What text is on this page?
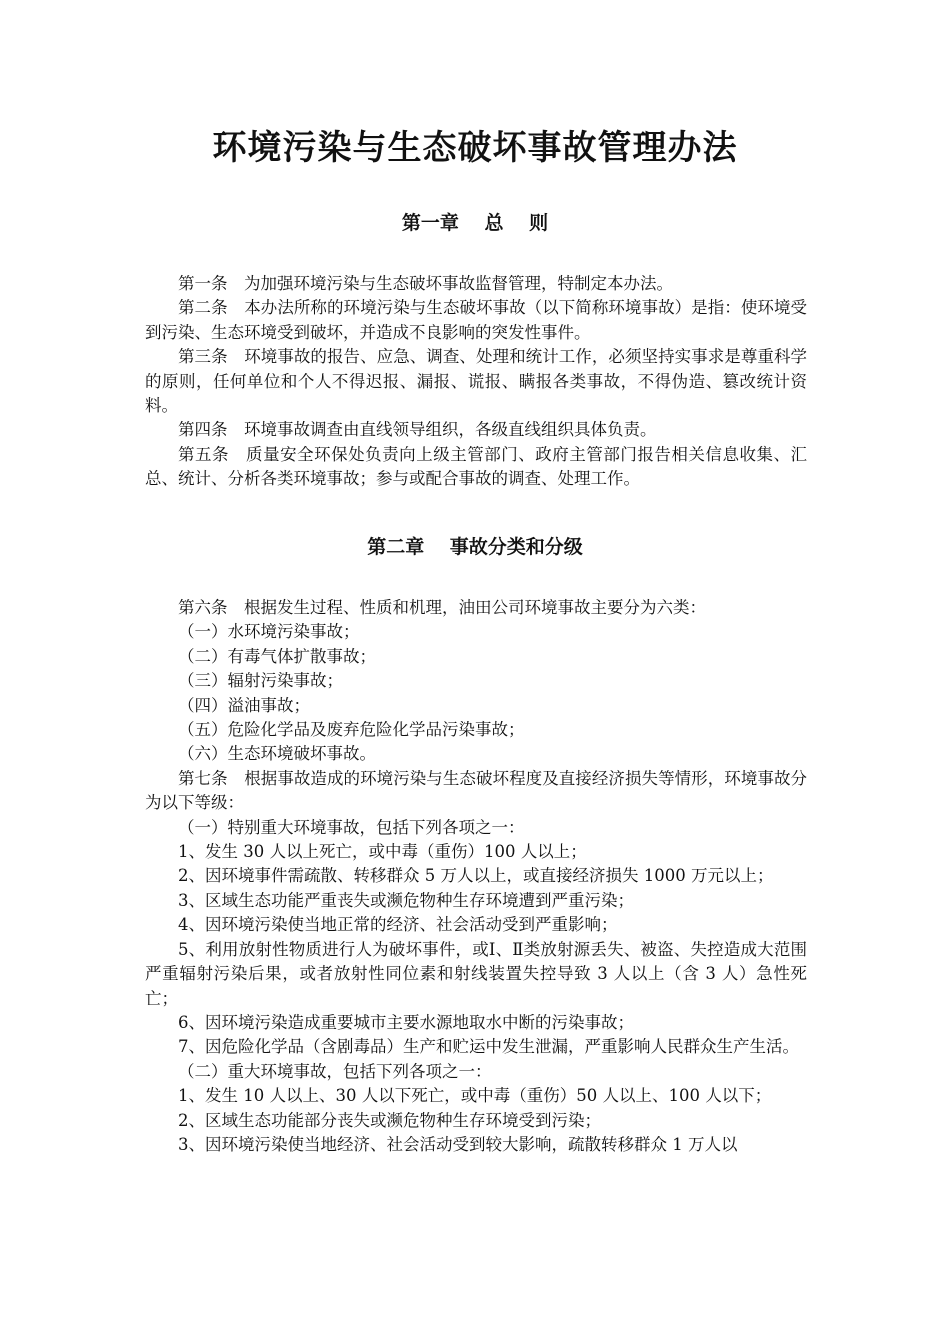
环境污染与生态破坏事故管理办法
第一章　 总　 则

第一条　为加强环境污染与生态破坏事故监督管理，特制定本办法。

第二条　本办法所称的环境污染与生态破坏事故（以下简称环境事故）是指：使环境受到污染、生态环境受到破坏，并造成不良影响的突发性事件。

第三条　环境事故的报告、应急、调查、处理和统计工作，必须坚持实事求是尊重科学的原则，任何单位和个人不得迟报、漏报、谎报、瞒报各类事故，不得伪造、篡改统计资料。

第四条　环境事故调查由直线领导组织，各级直线组织具体负责。

第五条　质量安全环保处负责向上级主管部门、政府主管部门报告相关信息收集、汇总、统计、分析各类环境事故；参与或配合事故的调查、处理工作。

第二章　 事故分类和分级

第六条　根据发生过程、性质和机理，油田公司环境事故主要分为六类：

（一）水环境污染事故；

（二）有毒气体扩散事故；

（三）辐射污染事故；

（四）溢油事故；

（五）危险化学品及废弃危险化学品污染事故；

（六）生态环境破坏事故。

第七条　根据事故造成的环境污染与生态破坏程度及直接经济损失等情形，环境事故分为以下等级：

（一）特别重大环境事故，包括下列各项之一：

1、发生 30 人以上死亡，或中毒（重伤）100 人以上；

2、因环境事件需疏散、转移群众 5 万人以上，或直接经济损失 1000 万元以上；

3、区域生态功能严重丧失或濒危物种生存环境遭到严重污染；

4、因环境污染使当地正常的经济、社会活动受到严重影响；

5、利用放射性物质进行人为破坏事件，或Ⅰ、Ⅱ类放射源丢失、被盗、失控造成大范围严重辐射污染后果，或者放射性同位素和射线装置失控导致 3 人以上（含 3 人）急性死亡；

6、因环境污染造成重要城市主要水源地取水中断的污染事故；

7、因危险化学品（含剧毒品）生产和贮运中发生泄漏，严重影响人民群众生产生活。

（二）重大环境事故，包括下列各项之一：

1、发生 10 人以上、30 人以下死亡，或中毒（重伤）50 人以上、100 人以下；

2、区域生态功能部分丧失或濒危物种生存环境受到污染；

3、因环境污染使当地经济、社会活动受到较大影响，疏散转移群众 1 万人以
